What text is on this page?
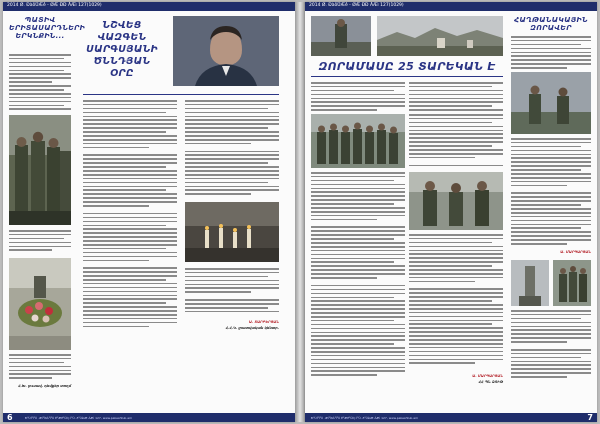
2014 Ø. ÐàôÜÆê - ØÆ ÐÐ ÂÆì 127(1029)
ՊԱՏԻՎ ԵՐԻՏԱՍԱՐԴՆԵՐԻ ԵՐԿՆՔԻՆ...
Հ.Խ. լուսավ. դեմքեր տողմ
ՆՇՎԵՑ ՎԱԶԳԵՆ ՍԱՐԳՍՅԱՆԻ ԾՆՆԴՅԱՆ ՕՐԸ
Ա. ՏԱՐԲԵՐՅԱՆ
Հ.Հ.Կ. լրատվական կենտր.
6	Ð²ÚÎ²Î²Ü ·Æî²ÎðÂ²Î²Ü Ê²ÆÈ²ÜîÇ Î²Ü. ð²ÜêïÆ ÂÆì 127, www.pakeshtuk.am
2014 Ø. ÐàôÜÆê - ØÆ ÐÐ ÂÆì 127(1029)
ՀԱՂԹԱՆԱԿԱՅԻՆ ԶՈՐԱՎԵՐ
ԶՈՐԱՄԱՍԸ 25 ՏԱՐԵԿԱՆ Է
Ա. ՄԱՐԳԱՐՅԱՆ
Ա. ՄԱՐԳԱՐՅԱՆ
ՀՀ ՊՆ ԶՈՒԹ
Ð²ÚÎ²Î²Ü ·Æî²ÎðÂ²Î²Ü Ê²ÆÈ²ÜîÇ Î²Ü. ð²ÜêïÆ ÂÆì 127, www.pakeshtuk.am	7
